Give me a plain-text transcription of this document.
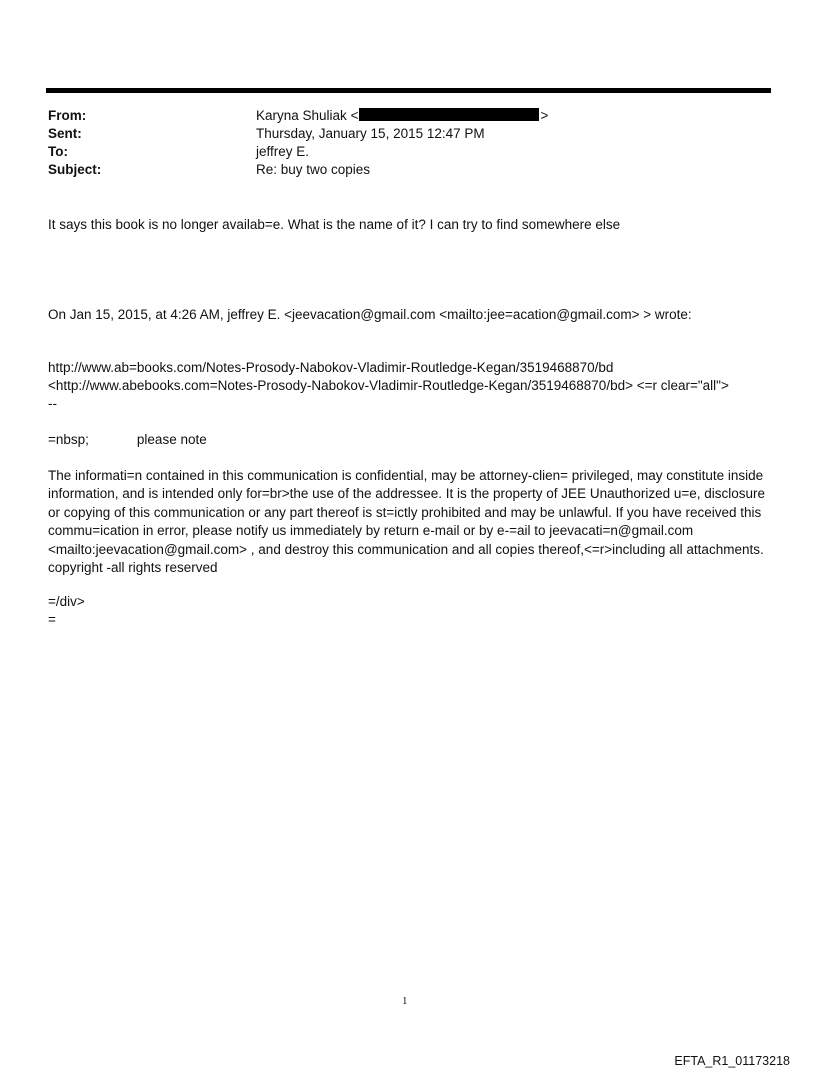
From:	Karyna Shuliak <	>
Sent:	Thursday, January 15, 2015 12:47 PM
To:	jeffrey E.
Subject:	Re: buy two copies
It says this book is no longer availab=e. What is the name of it? I can try to find somewhere else
On Jan 15, 2015, at 4:26 AM, jeffrey E. <jeevacation@gmail.com <mailto:jee=acation@gmail.com> > wrote:
http://www.ab=books.com/Notes-Prosody-Nabokov-Vladimir-Routledge-Kegan/3519468870/bd
<http://www.abebooks.com=Notes-Prosody-Nabokov-Vladimir-Routledge-Kegan/3519468870/bd> <=r clear="all">
--
=nbsp;	please note
The informati=n contained in this communication is confidential, may be attorney-clien= privileged, may constitute inside information, and is intended only for=br>the use of the addressee. It is the property of JEE Unauthorized u=e, disclosure or copying of this communication or any part thereof is st=ictly prohibited and may be unlawful. If you have received this commu=ication in error, please notify us immediately by return e-mail or by e-=ail to jeevacati=n@gmail.com <mailto:jeevacation@gmail.com> , and destroy this communication and all copies thereof,<=r>including all attachments. copyright -all rights reserved
=/div>
=
1
EFTA_R1_01173218
